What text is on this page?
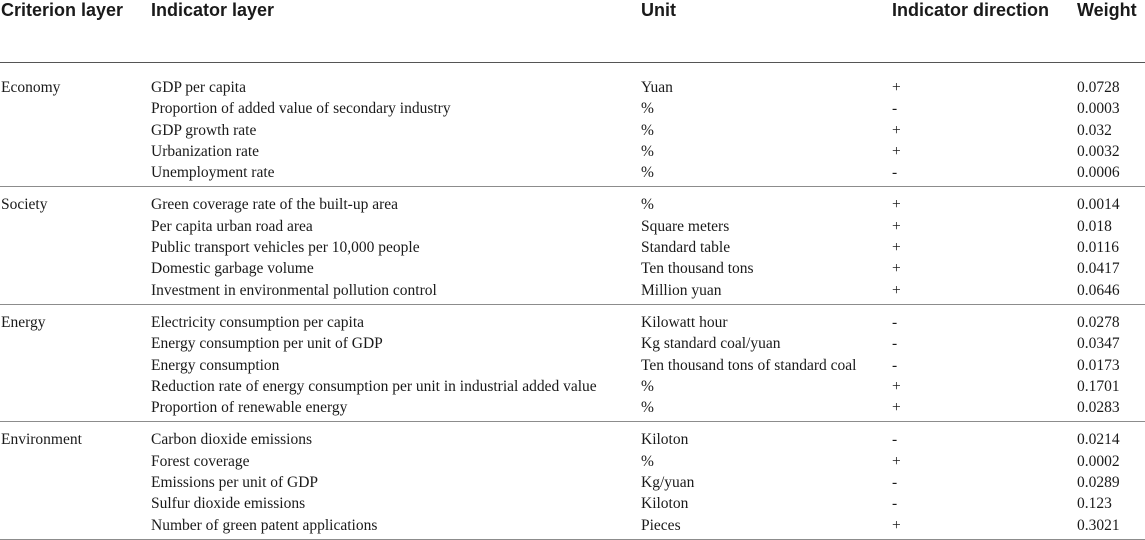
Criterion layer	Indicator layer	Unit	Indicator direction	Weight
Economy	GDP per capita	Yuan	+	0.0728
	Proportion of added value of secondary industry	%	-	0.0003
	GDP growth rate	%	+	0.032
	Urbanization rate	%	+	0.0032
	Unemployment rate	%	-	0.0006
Society	Green coverage rate of the built-up area	%	+	0.0014
	Per capita urban road area	Square meters	+	0.018
	Public transport vehicles per 10,000 people	Standard table	+	0.0116
	Domestic garbage volume	Ten thousand tons	+	0.0417
	Investment in environmental pollution control	Million yuan	+	0.0646
Energy	Electricity consumption per capita	Kilowatt hour	-	0.0278
	Energy consumption per unit of GDP	Kg standard coal/yuan	-	0.0347
	Energy consumption	Ten thousand tons of standard coal	-	0.0173
	Reduction rate of energy consumption per unit in industrial added value	%	+	0.1701
	Proportion of renewable energy	%	+	0.0283
Environment	Carbon dioxide emissions	Kiloton	-	0.0214
	Forest coverage	%	+	0.0002
	Emissions per unit of GDP	Kg/yuan	-	0.0289
	Sulfur dioxide emissions	Kiloton	-	0.123
	Number of green patent applications	Pieces	+	0.3021
